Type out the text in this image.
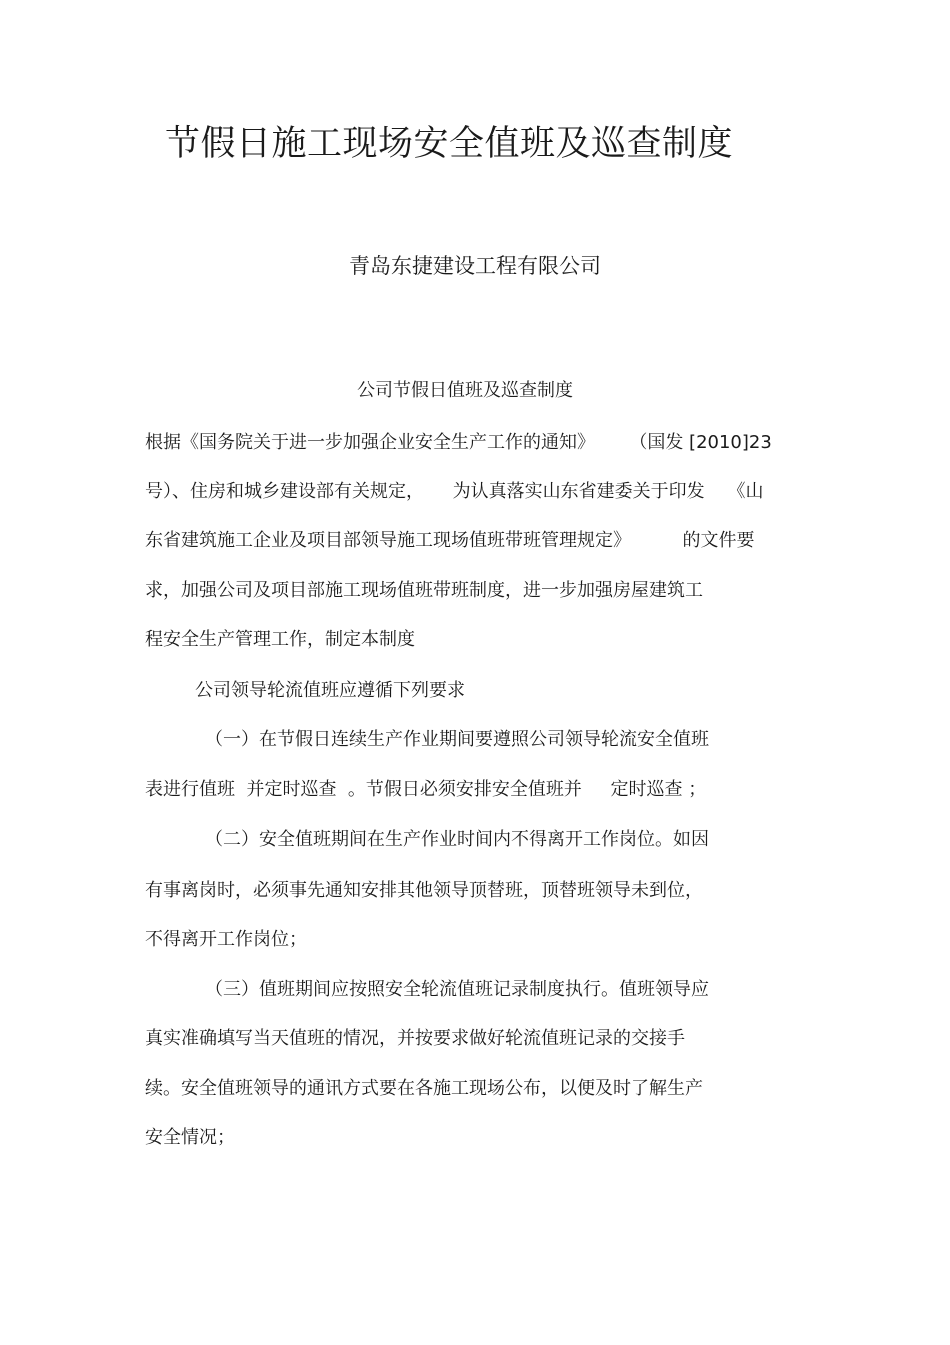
节假日施工现场安全值班及巡查制度
青岛东捷建设工程有限公司
公司节假日值班及巡查制度
根据《国务院关于进一步加强企业安全生产工作的通知》      （国发 [2010]23
号）、住房和城乡建设部有关规定，     为认真落实山东省建委关于印发    《山
东省建筑施工企业及项目部领导施工现场值班带班管理规定》         的文件要
求，加强公司及项目部施工现场值班带班制度，进一步加强房屋建筑工
程安全生产管理工作，制定本制度
公司领导轮流值班应遵循下列要求
（一）在节假日连续生产作业期间要遵照公司领导轮流安全值班
表进行值班  并定时巡查  。节假日必须安排安全值班并     定时巡查 ；
（二）安全值班期间在生产作业时间内不得离开工作岗位。如因
有事离岗时，必须事先通知安排其他领导顶替班，顶替班领导未到位，
不得离开工作岗位；
（三）值班期间应按照安全轮流值班记录制度执行。值班领导应
真实准确填写当天值班的情况，并按要求做好轮流值班记录的交接手
续。安全值班领导的通讯方式要在各施工现场公布，以便及时了解生产
安全情况；
